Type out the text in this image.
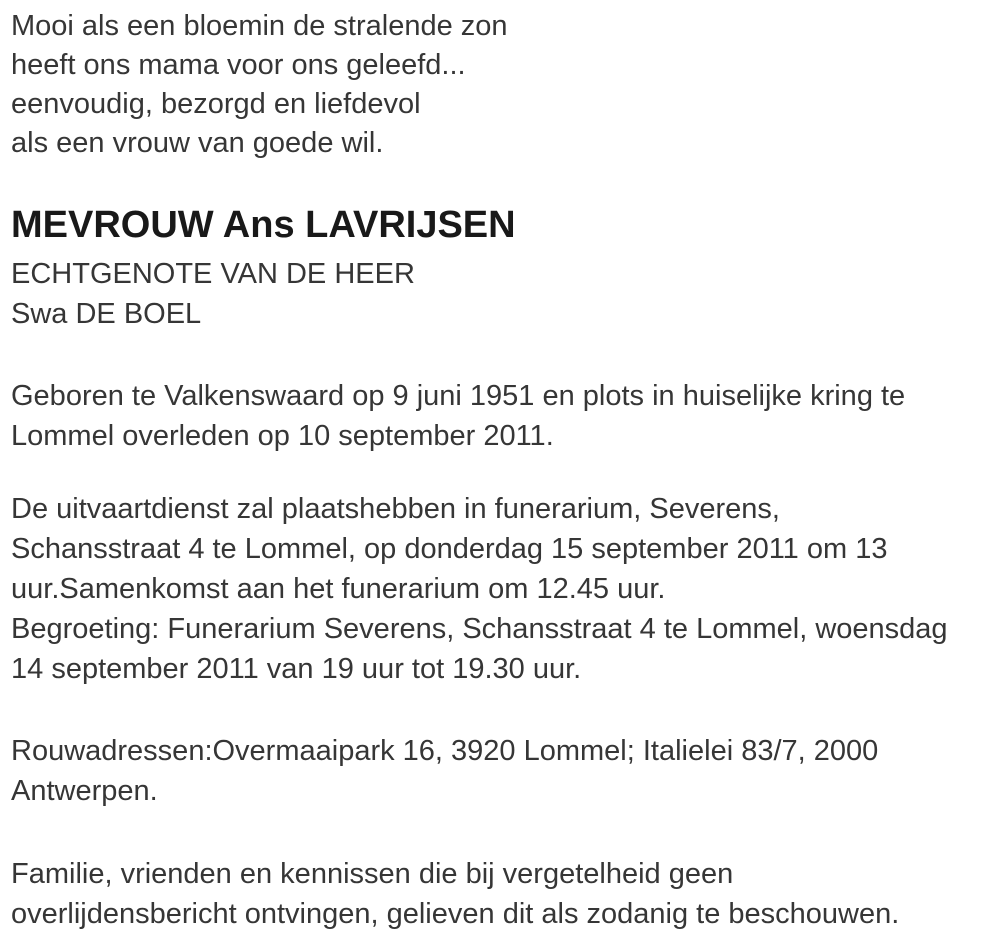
Mooi als een bloemin de stralende zon
heeft ons mama voor ons geleefd...
eenvoudig, bezorgd en liefdevol
als een vrouw van goede wil.
MEVROUW Ans LAVRIJSEN
ECHTGENOTE VAN DE HEER
Swa DE BOEL
Geboren te Valkenswaard op 9 juni 1951 en plots in huiselijke kring te
Lommel overleden op 10 september 2011.
De uitvaartdienst zal plaatshebben in funerarium, Severens,
Schansstraat 4 te Lommel, op donderdag 15 september 2011 om 13
uur.Samenkomst aan het funerarium om 12.45 uur.
Begroeting: Funerarium Severens, Schansstraat 4 te Lommel, woensdag
14 september 2011 van 19 uur tot 19.30 uur.
Rouwadressen:Overmaaipark 16, 3920 Lommel; Italielei 83/7, 2000
Antwerpen.
Familie, vrienden en kennissen die bij vergetelheid geen
overlijdensbericht ontvingen, gelieven dit als zodanig te beschouwen.
